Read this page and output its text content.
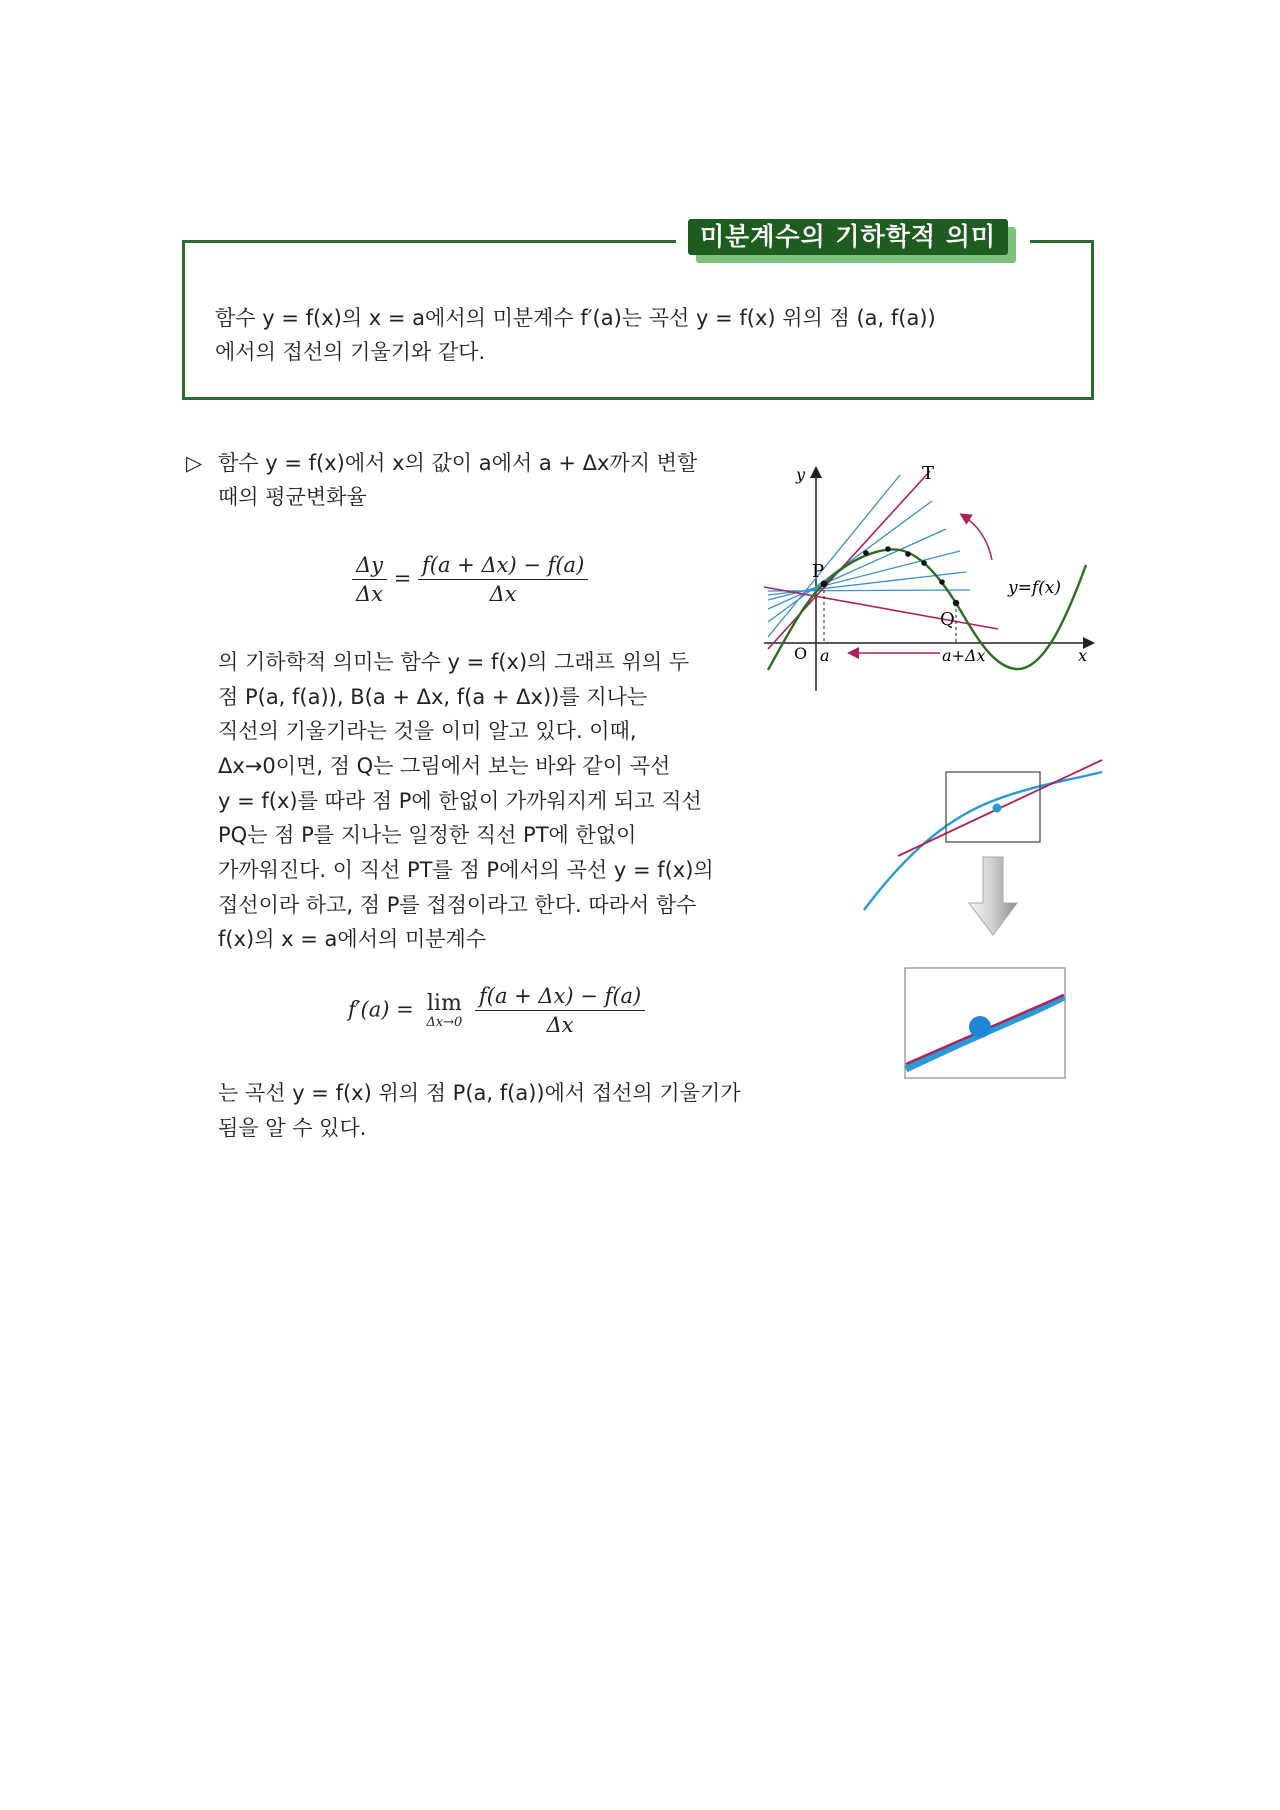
미분계수의 기하학적 의미
함수 y = f(x)의 x = a에서의 미분계수 f′(a)는 곡선 y = f(x) 위의 점 (a, f(a))
에서의 접선의 기울기와 같다.
▷ 함수 y = f(x)에서 x의 값이 a에서 a + Δx까지 변할
때의 평균변화율
$\frac{\Delta y}{\Delta x} = \frac{f(a + \Delta x) - f(a)}{\Delta x}$
의 기하학적 의미는 함수 y = f(x)의 그래프 위의 두
점 P(a, f(a)), B(a + Δx, f(a + Δx))를 지나는
직선의 기울기라는 것을 이미 알고 있다. 이때,
Δx→0이면, 점 Q는 그림에서 보는 바와 같이 곡선
y = f(x)를 따라 점 P에 한없이 가까워지게 되고 직선
PQ는 점 P를 지나는 일정한 직선 PT에 한없이
가까워진다. 이 직선 PT를 점 P에서의 곡선 y = f(x)의
접선이라 하고, 점 P를 접점이라고 한다. 따라서 함수
f(x)의 x = a에서의 미분계수
f′(a) = lim
Δx→0
$\frac{f(a + \Delta x) - f(a)}{\Delta x}$
는 곡선 y = f(x) 위의 점 P(a, f(a))에서 접선의 기울기가
됨을 알 수 있다.
y
x
O
T
P
Q
a	a+Δx
y=f(x)
